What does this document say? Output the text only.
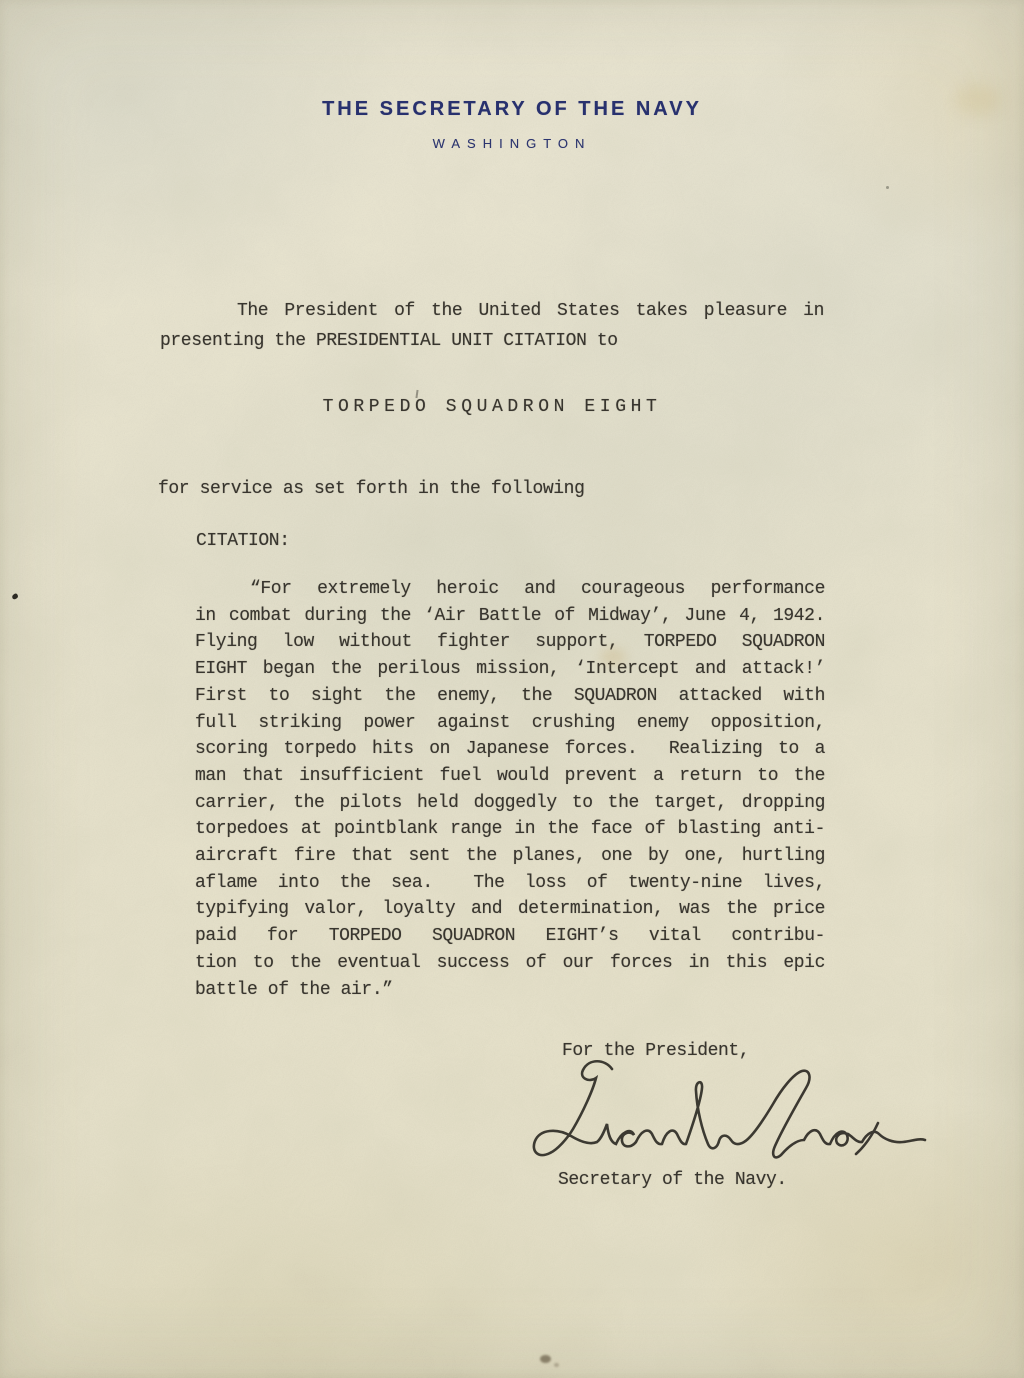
THE SECRETARY OF THE NAVY
WASHINGTON
The President of the United States takes pleasure in
presenting the PRESIDENTIAL UNIT CITATION to
TORPEDO SQUADRON EIGHT
for service as set forth in the following
CITATION:
“For extremely heroic and courageous performance
in combat during the ‘Air Battle of Midway’, June 4, 1942.
Flying low without fighter support, TORPEDO SQUADRON
EIGHT began the perilous mission, ‘Intercept and attack!’
First to sight the enemy, the SQUADRON attacked with
full striking power against crushing enemy opposition,
scoring torpedo hits on Japanese forces.  Realizing to a
man that insufficient fuel would prevent a return to the
carrier, the pilots held doggedly to the target, dropping
torpedoes at pointblank range in the face of blasting anti-
aircraft fire that sent the planes, one by one, hurtling
aflame into the sea.  The loss of twenty-nine lives,
typifying valor, loyalty and determination, was the price
paid for TORPEDO SQUADRON EIGHT’s vital contribu-
tion to the eventual success of our forces in this epic
battle of the air.”
For the President,
Secretary of the Navy.
